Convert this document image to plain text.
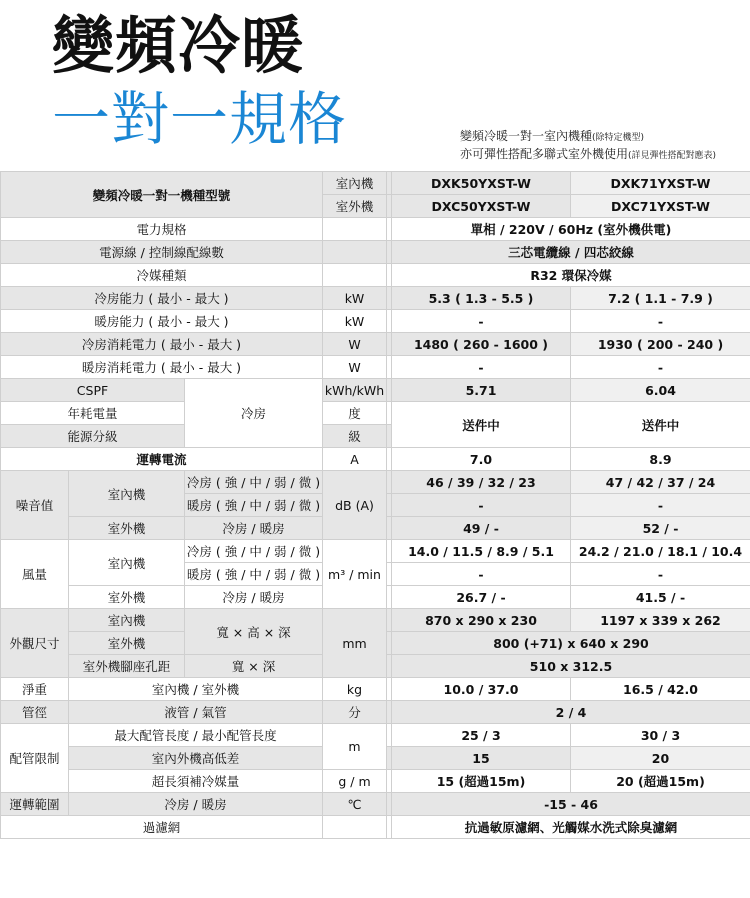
變頻冷暖
一對一規格	變頻冷暖一對一室內機種(除特定機型)
亦可彈性搭配多聯式室外機使用(詳見彈性搭配對應表)
變頻冷暖一對一機種型號			室內機		DXK50YXST-W	DXK71YXST-W
			室外機		DXC50YXST-W	DXC71YXST-W
電力規格					單相 / 220V / 60Hz (室外機供電)	
電源線 / 控制線配線數					三芯電纜線 / 四芯絞線	
冷媒種類					R32 環保冷媒	
冷房能力 ( 最小 - 最大 )			kW		5.3 ( 1.3 - 5.5 )	7.2 ( 1.1 - 7.9 )
暖房能力 ( 最小 - 最大 )			kW		-	-
冷房消耗電力 ( 最小 - 最大 )			W		1480 ( 260 - 1600 )	1930 ( 200 - 240 )
暖房消耗電力 ( 最小 - 最大 )			W		-	-
CSPF		冷房	kWh/kWh		5.71	6.04
年耗電量			度		送件中	送件中
能源分級			級			
運轉電流			A		7.0	8.9
噪音值	室內機	冷房 ( 強 / 中 / 弱 / 微 )	dB (A)		46 / 39 / 32 / 23	47 / 42 / 37 / 24
		暖房 ( 強 / 中 / 弱 / 微 )			-	-
	室外機	冷房 / 暖房			49 / -	52 / -
風量	室內機	冷房 ( 強 / 中 / 弱 / 微 )	m³ / min		14.0 / 11.5 / 8.9 / 5.1	24.2 / 21.0 / 18.1 / 10.4
		暖房 ( 強 / 中 / 弱 / 微 )			-	-
	室外機	冷房 / 暖房			26.7 / -	41.5 / -
外觀尺寸	室內機	寬 × 高 × 深	mm		870 x 290 x 230	1197 x 339 x 262
	室外機				800 (+71) x 640 x 290	
	室外機腳座孔距	寬 × 深			510 x 312.5	
淨重	室內機 / 室外機		kg		10.0 / 37.0	16.5 / 42.0
管徑	液管 / 氣管		分		2 / 4	
配管限制	最大配管長度 / 最小配管長度		m		25 / 3	30 / 3
	室內外機高低差				15	20
	超長須補冷媒量		g / m		15 (超過15m)	20 (超過15m)
運轉範圍	冷房 / 暖房		℃		-15 - 46	
過濾網					抗過敏原濾網、光觸媒水洗式除臭濾網	
